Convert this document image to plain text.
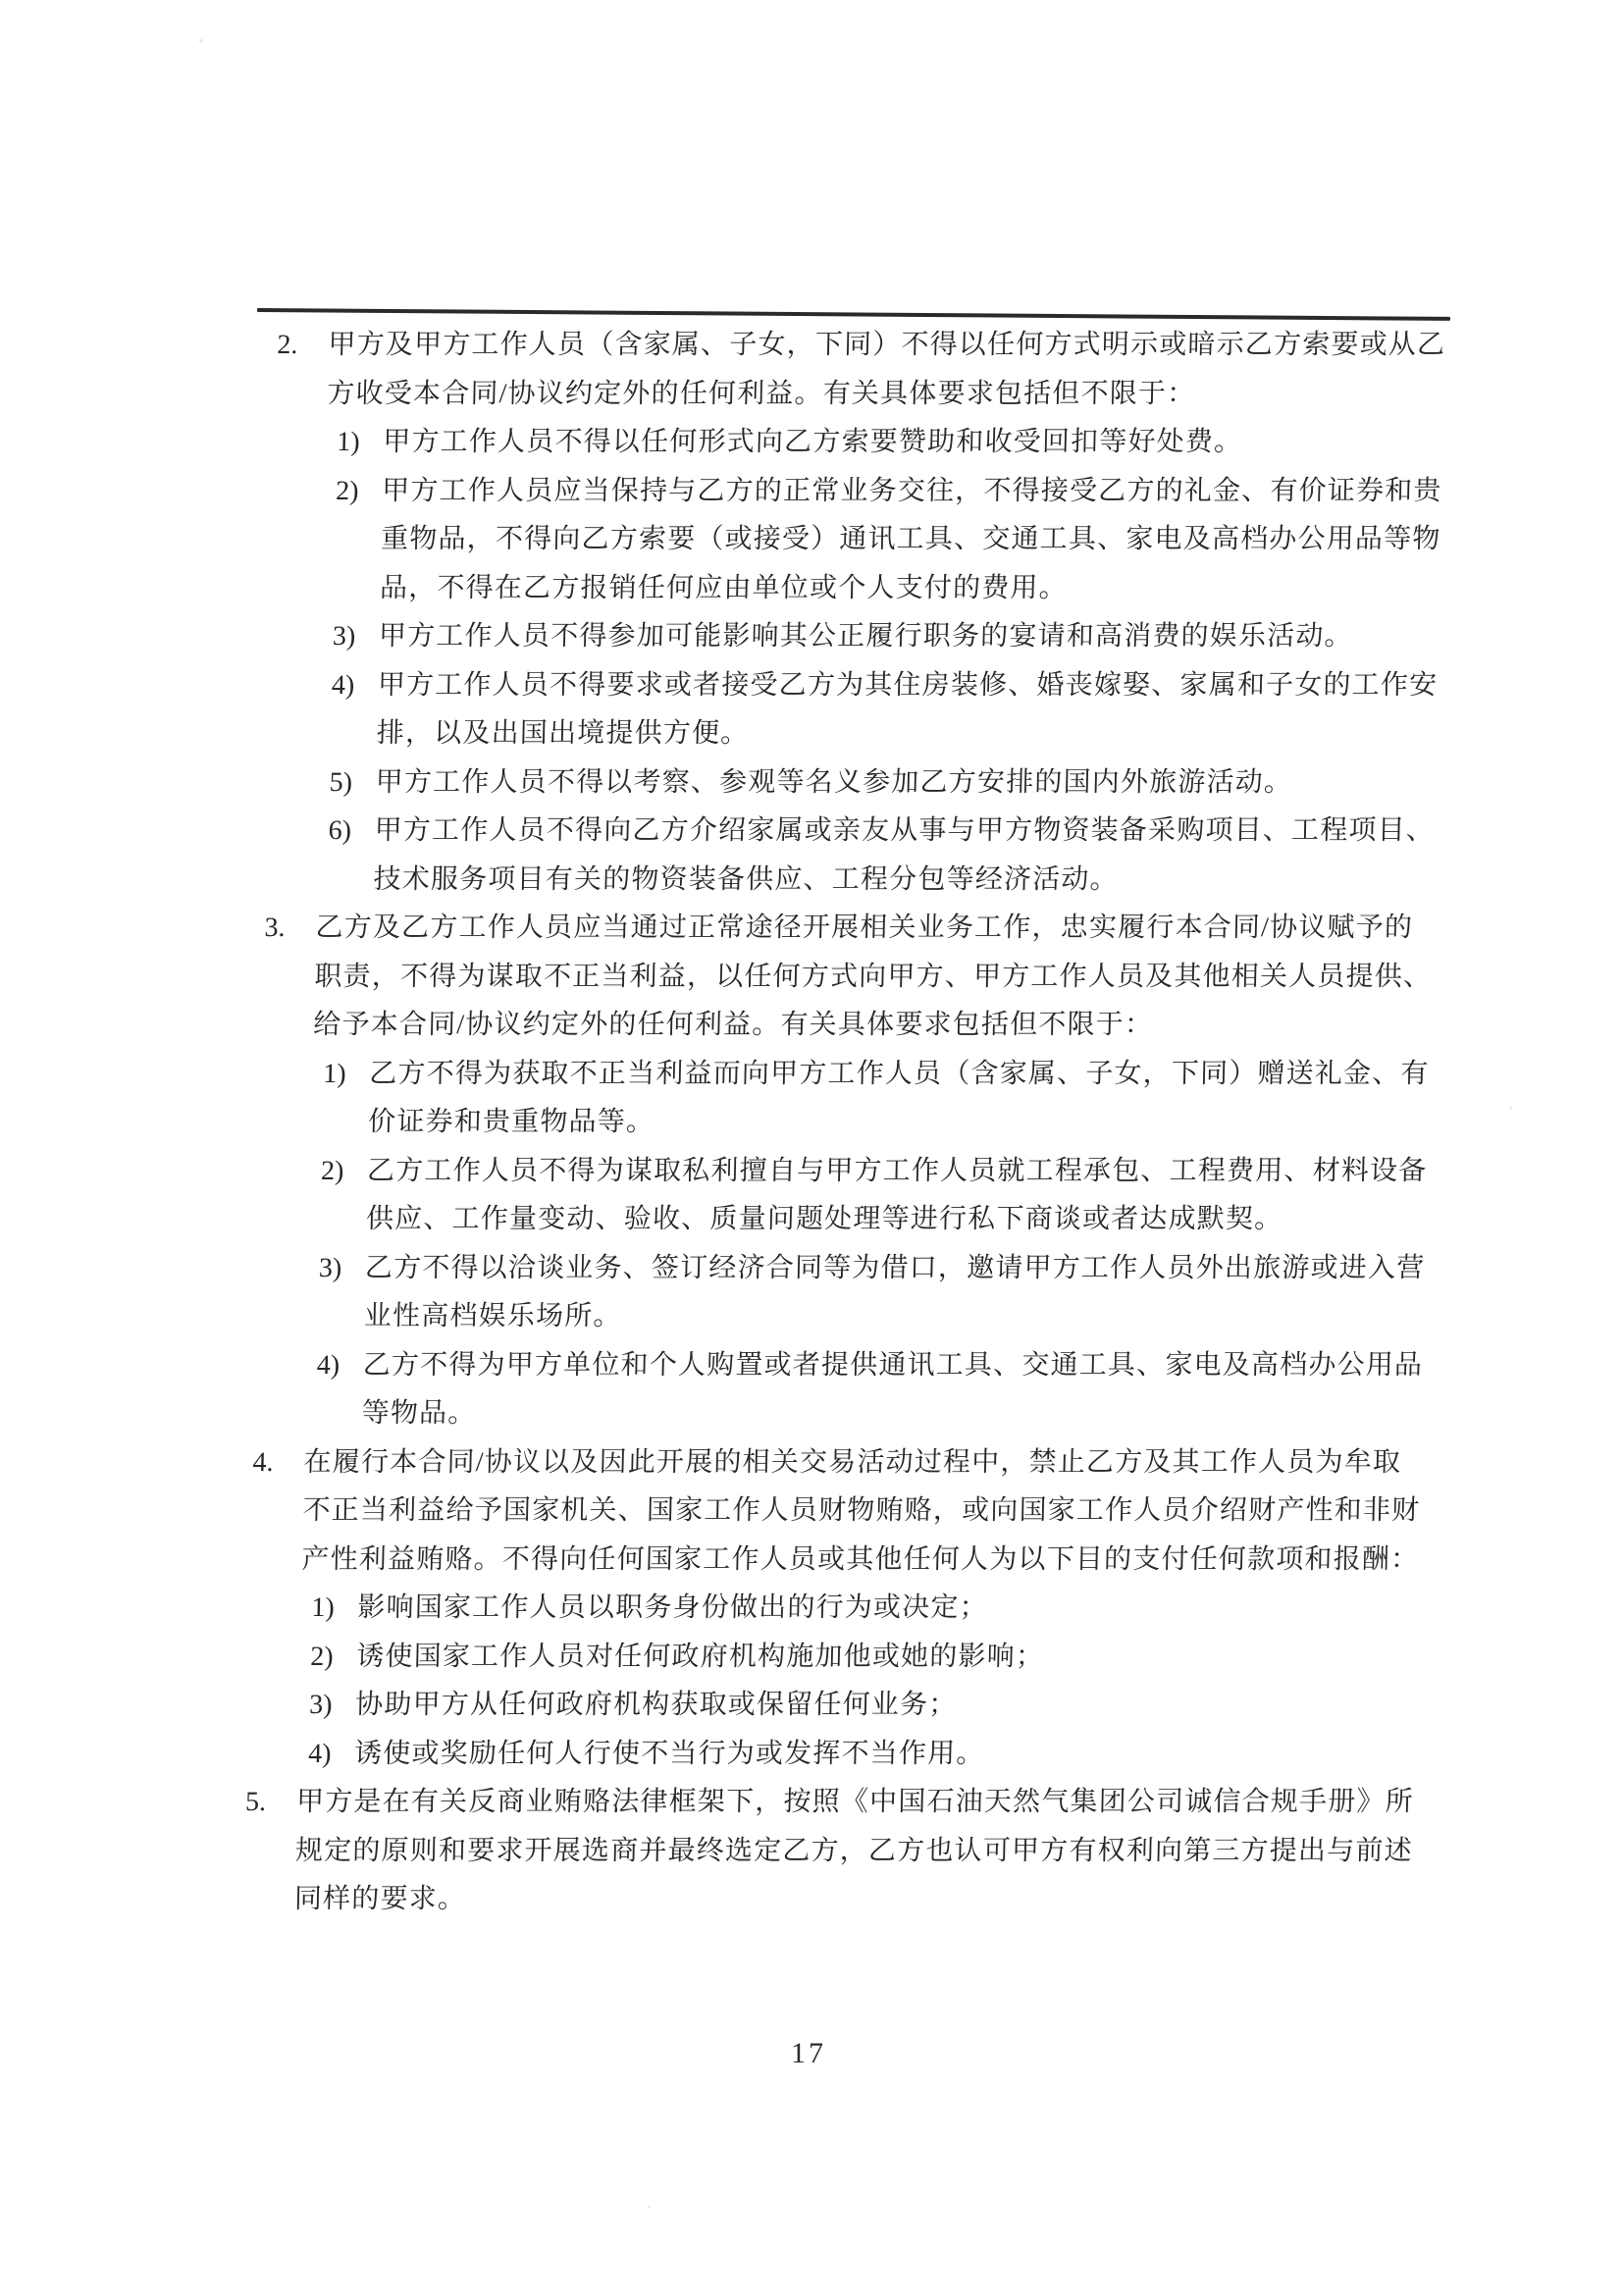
2. 甲方及甲方工作人员（含家属、子女，下同）不得以任何方式明示或暗示乙方索要或从乙
方收受本合同/协议约定外的任何利益。有关具体要求包括但不限于：
1) 甲方工作人员不得以任何形式向乙方索要赞助和收受回扣等好处费。
2) 甲方工作人员应当保持与乙方的正常业务交往，不得接受乙方的礼金、有价证券和贵
重物品，不得向乙方索要（或接受）通讯工具、交通工具、家电及高档办公用品等物
品，不得在乙方报销任何应由单位或个人支付的费用。
3) 甲方工作人员不得参加可能影响其公正履行职务的宴请和高消费的娱乐活动。
4) 甲方工作人员不得要求或者接受乙方为其住房装修、婚丧嫁娶、家属和子女的工作安
排，以及出国出境提供方便。
5) 甲方工作人员不得以考察、参观等名义参加乙方安排的国内外旅游活动。
6) 甲方工作人员不得向乙方介绍家属或亲友从事与甲方物资装备采购项目、工程项目、
技术服务项目有关的物资装备供应、工程分包等经济活动。
3. 乙方及乙方工作人员应当通过正常途径开展相关业务工作，忠实履行本合同/协议赋予的
职责，不得为谋取不正当利益，以任何方式向甲方、甲方工作人员及其他相关人员提供、
给予本合同/协议约定外的任何利益。有关具体要求包括但不限于：
1) 乙方不得为获取不正当利益而向甲方工作人员（含家属、子女，下同）赠送礼金、有
价证券和贵重物品等。
2) 乙方工作人员不得为谋取私利擅自与甲方工作人员就工程承包、工程费用、材料设备
供应、工作量变动、验收、质量问题处理等进行私下商谈或者达成默契。
3) 乙方不得以洽谈业务、签订经济合同等为借口，邀请甲方工作人员外出旅游或进入营
业性高档娱乐场所。
4) 乙方不得为甲方单位和个人购置或者提供通讯工具、交通工具、家电及高档办公用品
等物品。
4. 在履行本合同/协议以及因此开展的相关交易活动过程中，禁止乙方及其工作人员为牟取
不正当利益给予国家机关、国家工作人员财物贿赂，或向国家工作人员介绍财产性和非财
产性利益贿赂。不得向任何国家工作人员或其他任何人为以下目的支付任何款项和报酬：
1) 影响国家工作人员以职务身份做出的行为或决定；
2) 诱使国家工作人员对任何政府机构施加他或她的影响；
3) 协助甲方从任何政府机构获取或保留任何业务；
4) 诱使或奖励任何人行使不当行为或发挥不当作用。
5. 甲方是在有关反商业贿赂法律框架下，按照《中国石油天然气集团公司诚信合规手册》所
规定的原则和要求开展选商并最终选定乙方，乙方也认可甲方有权利向第三方提出与前述
同样的要求。
17
